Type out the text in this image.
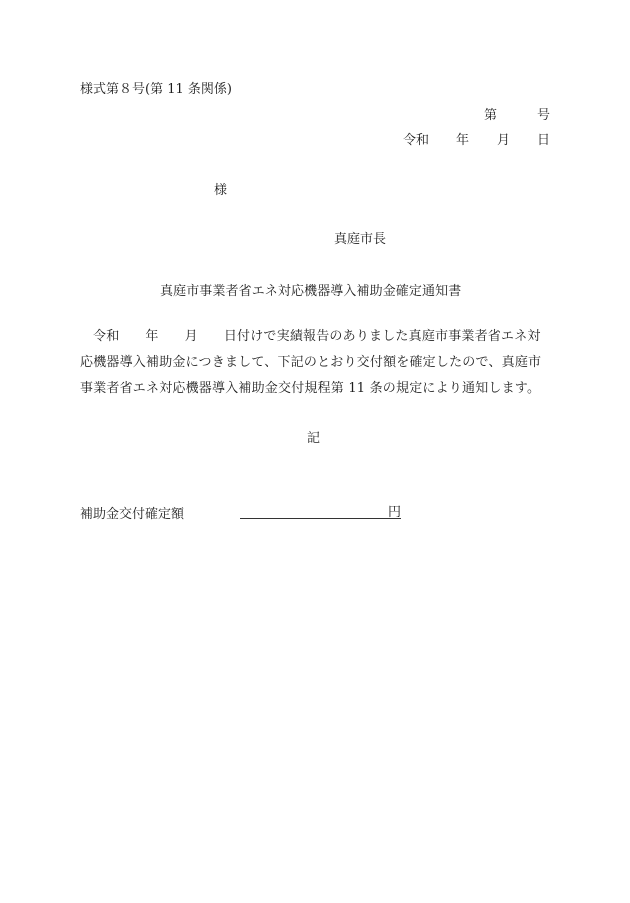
様式第８号(第 11 条関係)
第	号
令和 年 月 日
様
真庭市長
真庭市事業者省エネ対応機器導入補助金確定通知書
令和 年 月 日付けで実績報告のありました真庭市事業者省エネ対
応機器導入補助金につきまして、下記のとおり交付額を確定したので、真庭市
事業者省エネ対応機器導入補助金交付規程第 11 条の規定により通知します。
記
補助金交付確定額	円
